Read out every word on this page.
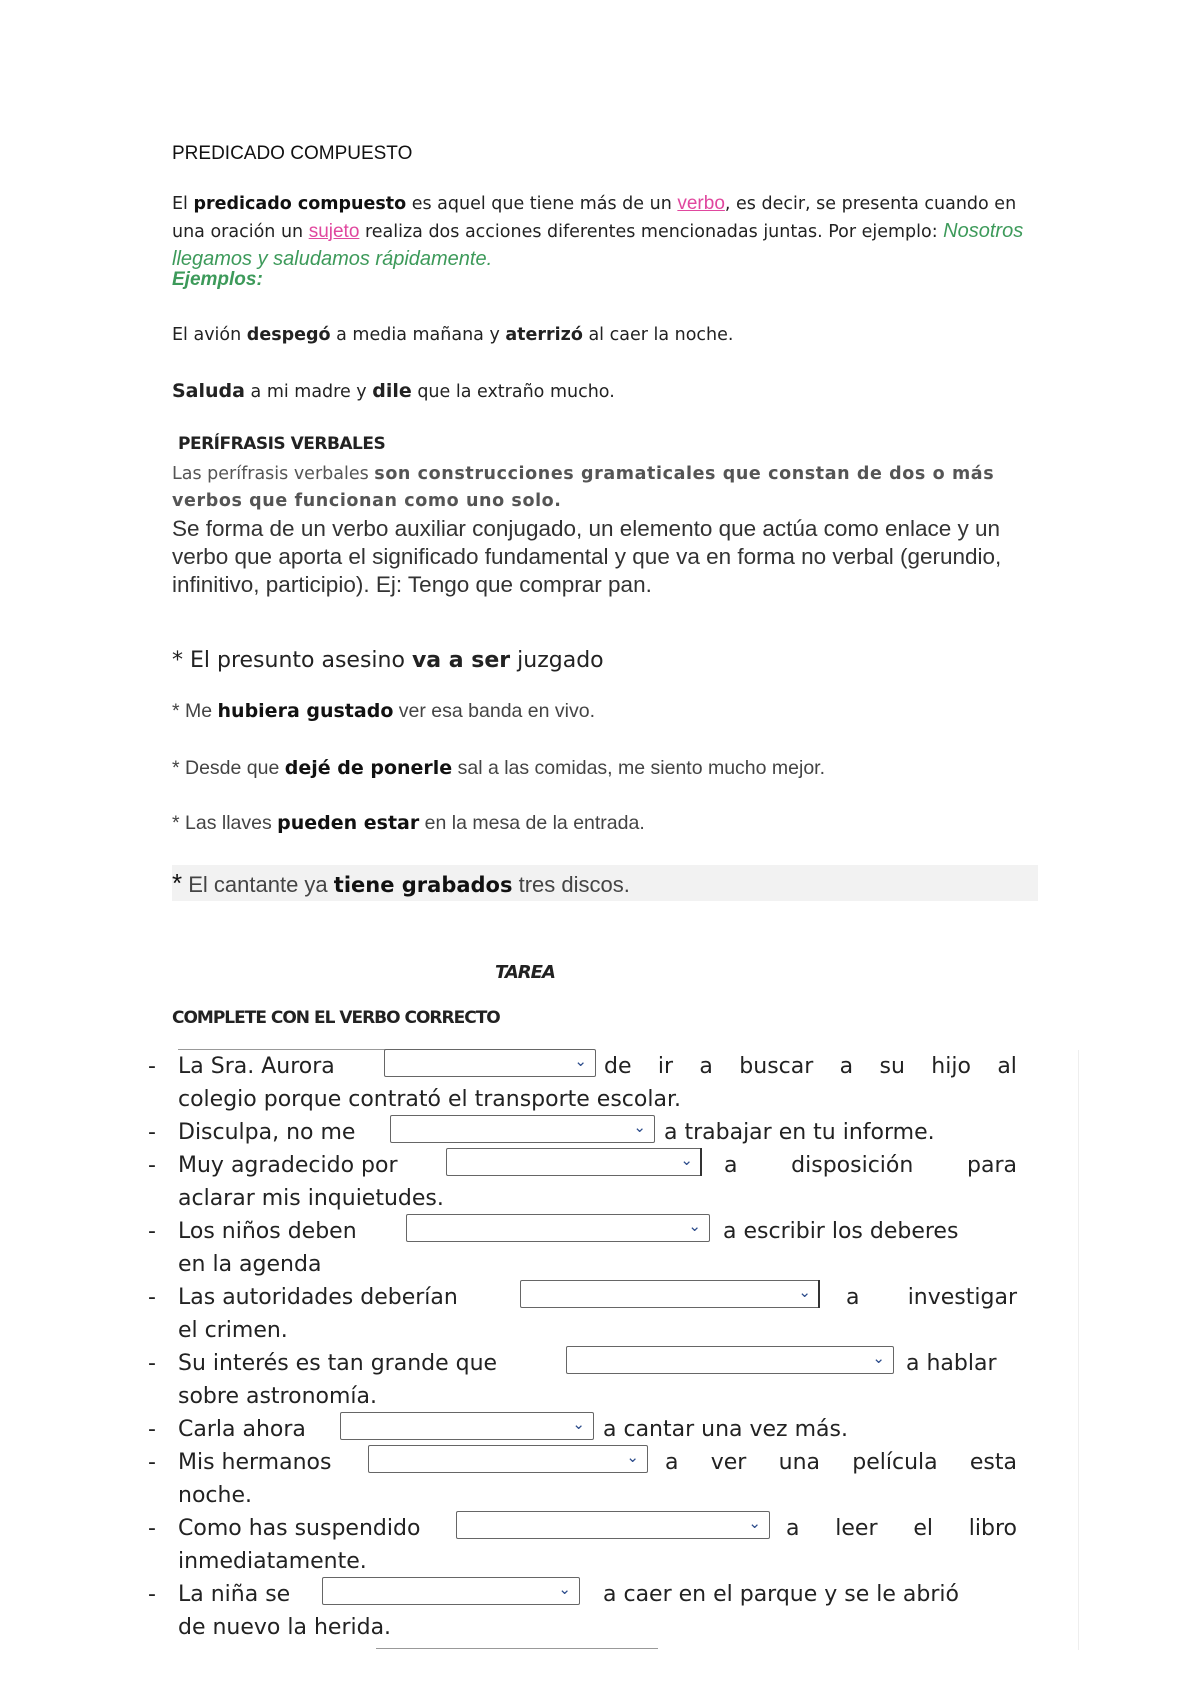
PREDICADO COMPUESTO
El predicado compuesto es aquel que tiene más de un verbo, es decir, se presenta cuando en una oración un sujeto realiza dos acciones diferentes mencionadas juntas. Por ejemplo: Nosotros llegamos y saludamos rápidamente.
Ejemplos:
El avión despegó a media mañana y aterrizó al caer la noche.
Saluda a mi madre y dile que la extraño mucho.
PERÍFRASIS VERBALES
Las perífrasis verbales son construcciones gramaticales que constan de dos o más verbos que funcionan como uno solo.
Se forma de un verbo auxiliar conjugado, un elemento que actúa como enlace y un verbo que aporta el significado fundamental y que va en forma no verbal (gerundio, infinitivo, participio). Ej: Tengo que comprar pan.
* El presunto asesino va a ser juzgado
* Me hubiera gustado ver esa banda en vivo.
* Desde que dejé de ponerle sal a las comidas, me siento mucho mejor.
* Las llaves pueden estar en la mesa de la entrada.
* El cantante ya tiene grabados tres discos.
TAREA
COMPLETE CON EL VERBO CORRECTO
- La Sra. Aurora	⌄ de ir a buscar a su hijo al
colegio porque contrató el transporte escolar.
- Disculpa, no me	⌄ a trabajar en tu informe.
- Muy agradecido por	⌄ a disposición para
aclarar mis inquietudes.
- Los niños deben	⌄ a escribir los deberes
en la agenda
- Las autoridades deberían	⌄ a investigar
el crimen.
- Su interés es tan grande que	⌄ a hablar
sobre astronomía.
- Carla ahora	⌄ a cantar una vez más.
- Mis hermanos	⌄ a ver una película esta
noche.
- Como has suspendido	⌄ a leer el libro
inmediatamente.
- La niña se	⌄ a caer en el parque y se le abrió
de nuevo la herida.
